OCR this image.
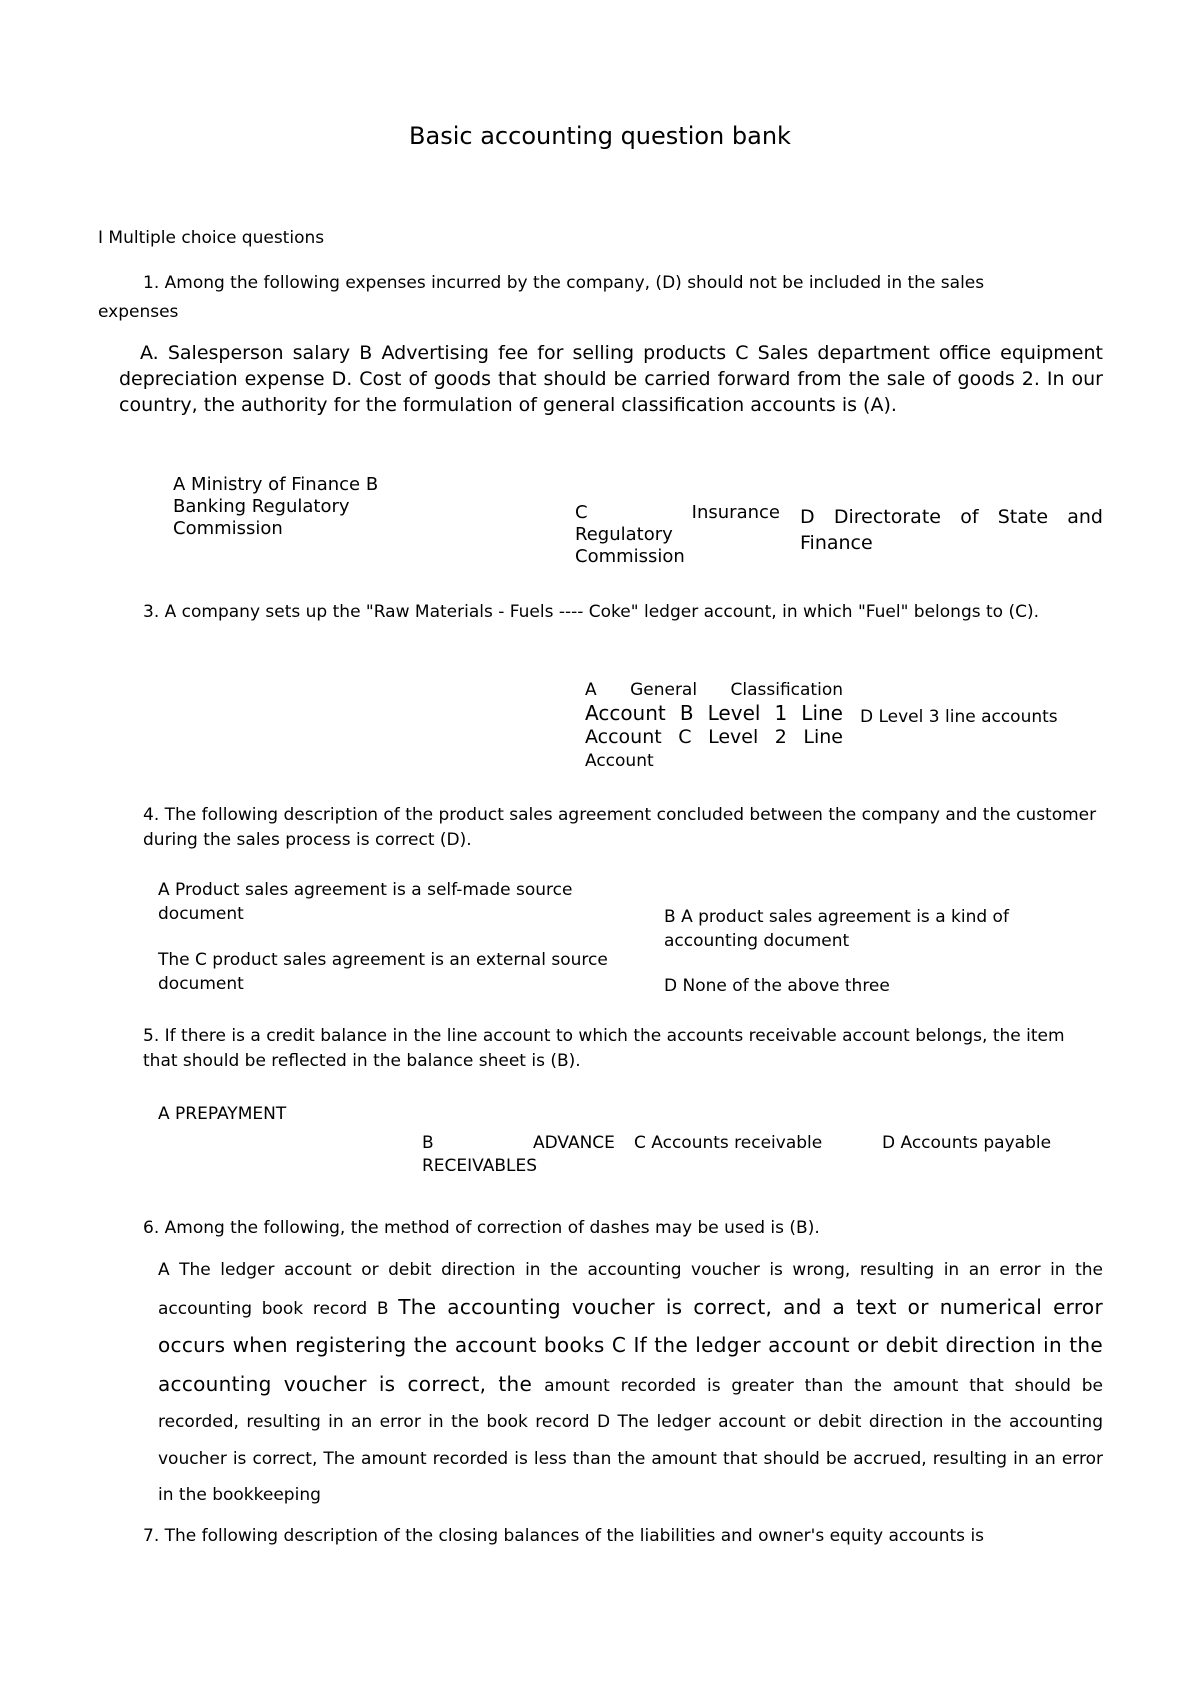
Basic accounting question bank

I Multiple choice questions

1. Among the following expenses incurred by the company, (D) should not be included in the sales

expenses

A. Salesperson salary B Advertising fee for selling products C Sales department office equipment depreciation expense D. Cost of goods that should be carried forward from the sale of goods 2. In our country, the authority for the formulation of general classification accounts is (A).

A Ministry of Finance B Banking Regulatory Commission

C Insurance Regulatory Commission

D Directorate of State and Finance

3. A company sets up the "Raw Materials - Fuels ---- Coke" ledger account, in which "Fuel" belongs to (C).

A General Classification
Account B Level 1 Line
Account C Level 2 Line
Account

D Level 3 line accounts

4. The following description of the product sales agreement concluded between the company and the customer during the sales process is correct (D).

A Product sales agreement is a self-made source document	B A product sales agreement is a kind of accounting document

The C product sales agreement is an external source document	D None of the above three

5. If there is a credit balance in the line account to which the accounts receivable account belongs, the item that should be reflected in the balance sheet is (B).

A PREPAYMENT

B	ADVANCE
RECEIVABLES

C Accounts receivable	D Accounts payable

6. Among the following, the method of correction of dashes may be used is (B).

A The ledger account or debit direction in the accounting voucher is wrong, resulting in an error in the accounting book record B The accounting voucher is correct, and a text or numerical error occurs when registering the account books C If the ledger account or debit direction in the accounting voucher is correct, the amount recorded is greater than the amount that should be recorded, resulting in an error in the book record D The ledger account or debit direction in the accounting voucher is correct, The amount recorded is less than the amount that should be accrued, resulting in an error in the bookkeeping

7. The following description of the closing balances of the liabilities and owner's equity accounts is
